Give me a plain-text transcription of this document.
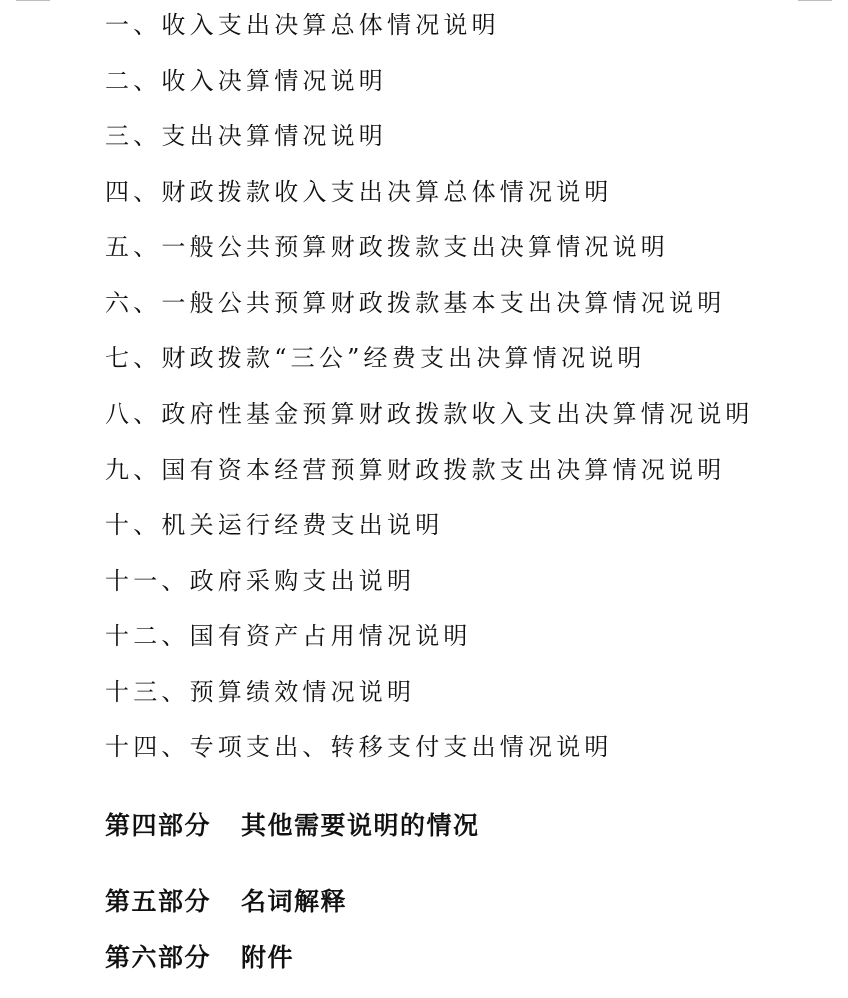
一、收入支出决算总体情况说明
二、收入决算情况说明
三、支出决算情况说明
四、财政拨款收入支出决算总体情况说明
五、一般公共预算财政拨款支出决算情况说明
六、一般公共预算财政拨款基本支出决算情况说明
七、财政拨款“三公”经费支出决算情况说明
八、政府性基金预算财政拨款收入支出决算情况说明
九、国有资本经营预算财政拨款支出决算情况说明
十、机关运行经费支出说明
十一、政府采购支出说明
十二、国有资产占用情况说明
十三、预算绩效情况说明
十四、专项支出、转移支付支出情况说明
第四部分 其他需要说明的情况
第五部分 名词解释
第六部分 附件
